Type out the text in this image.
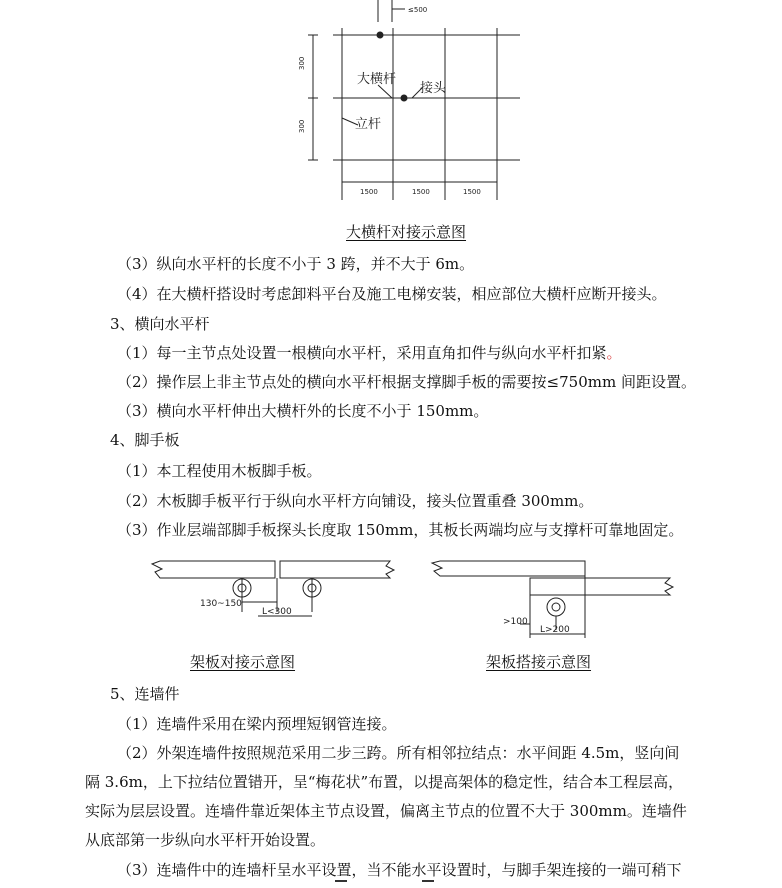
≤500
300
300
1500	1500	1500
大横杆
接头
立杆
大横杆对接示意图
（3）纵向水平杆的长度不小于 3 跨，并不大于 6m。
（4）在大横杆搭设时考虑卸料平台及施工电梯安装，相应部位大横杆应断开接头。
3、横向水平杆
（1）每一主节点处设置一根横向水平杆，采用直角扣件与纵向水平杆扣紧。
（2）操作层上非主节点处的横向水平杆根据支撑脚手板的需要按≤750mm 间距设置。
（3）横向水平杆伸出大横杆外的长度不小于 150mm。
4、脚手板
（1）本工程使用木板脚手板。
（2）木板脚手板平行于纵向水平杆方向铺设，接头位置重叠 300mm。
（3）作业层端部脚手板探头长度取 150mm，其板长两端均应与支撑杆可靠地固定。
130~150
L<300
>100
L>200
架板对接示意图	架板搭接示意图
5、连墙件
（1）连墙件采用在梁内预埋短钢管连接。
（2）外架连墙件按照规范采用二步三跨。所有相邻拉结点：水平间距 4.5m，竖向间
隔 3.6m，上下拉结位置错开，呈“梅花状”布置，以提高架体的稳定性，结合本工程层高，
实际为层层设置。连墙件靠近架体主节点设置，偏离主节点的位置不大于 300mm。连墙件
从底部第一步纵向水平杆开始设置。
（3）连墙件中的连墙杆呈水平设置，当不能水平设置时，与脚手架连接的一端可稍下
